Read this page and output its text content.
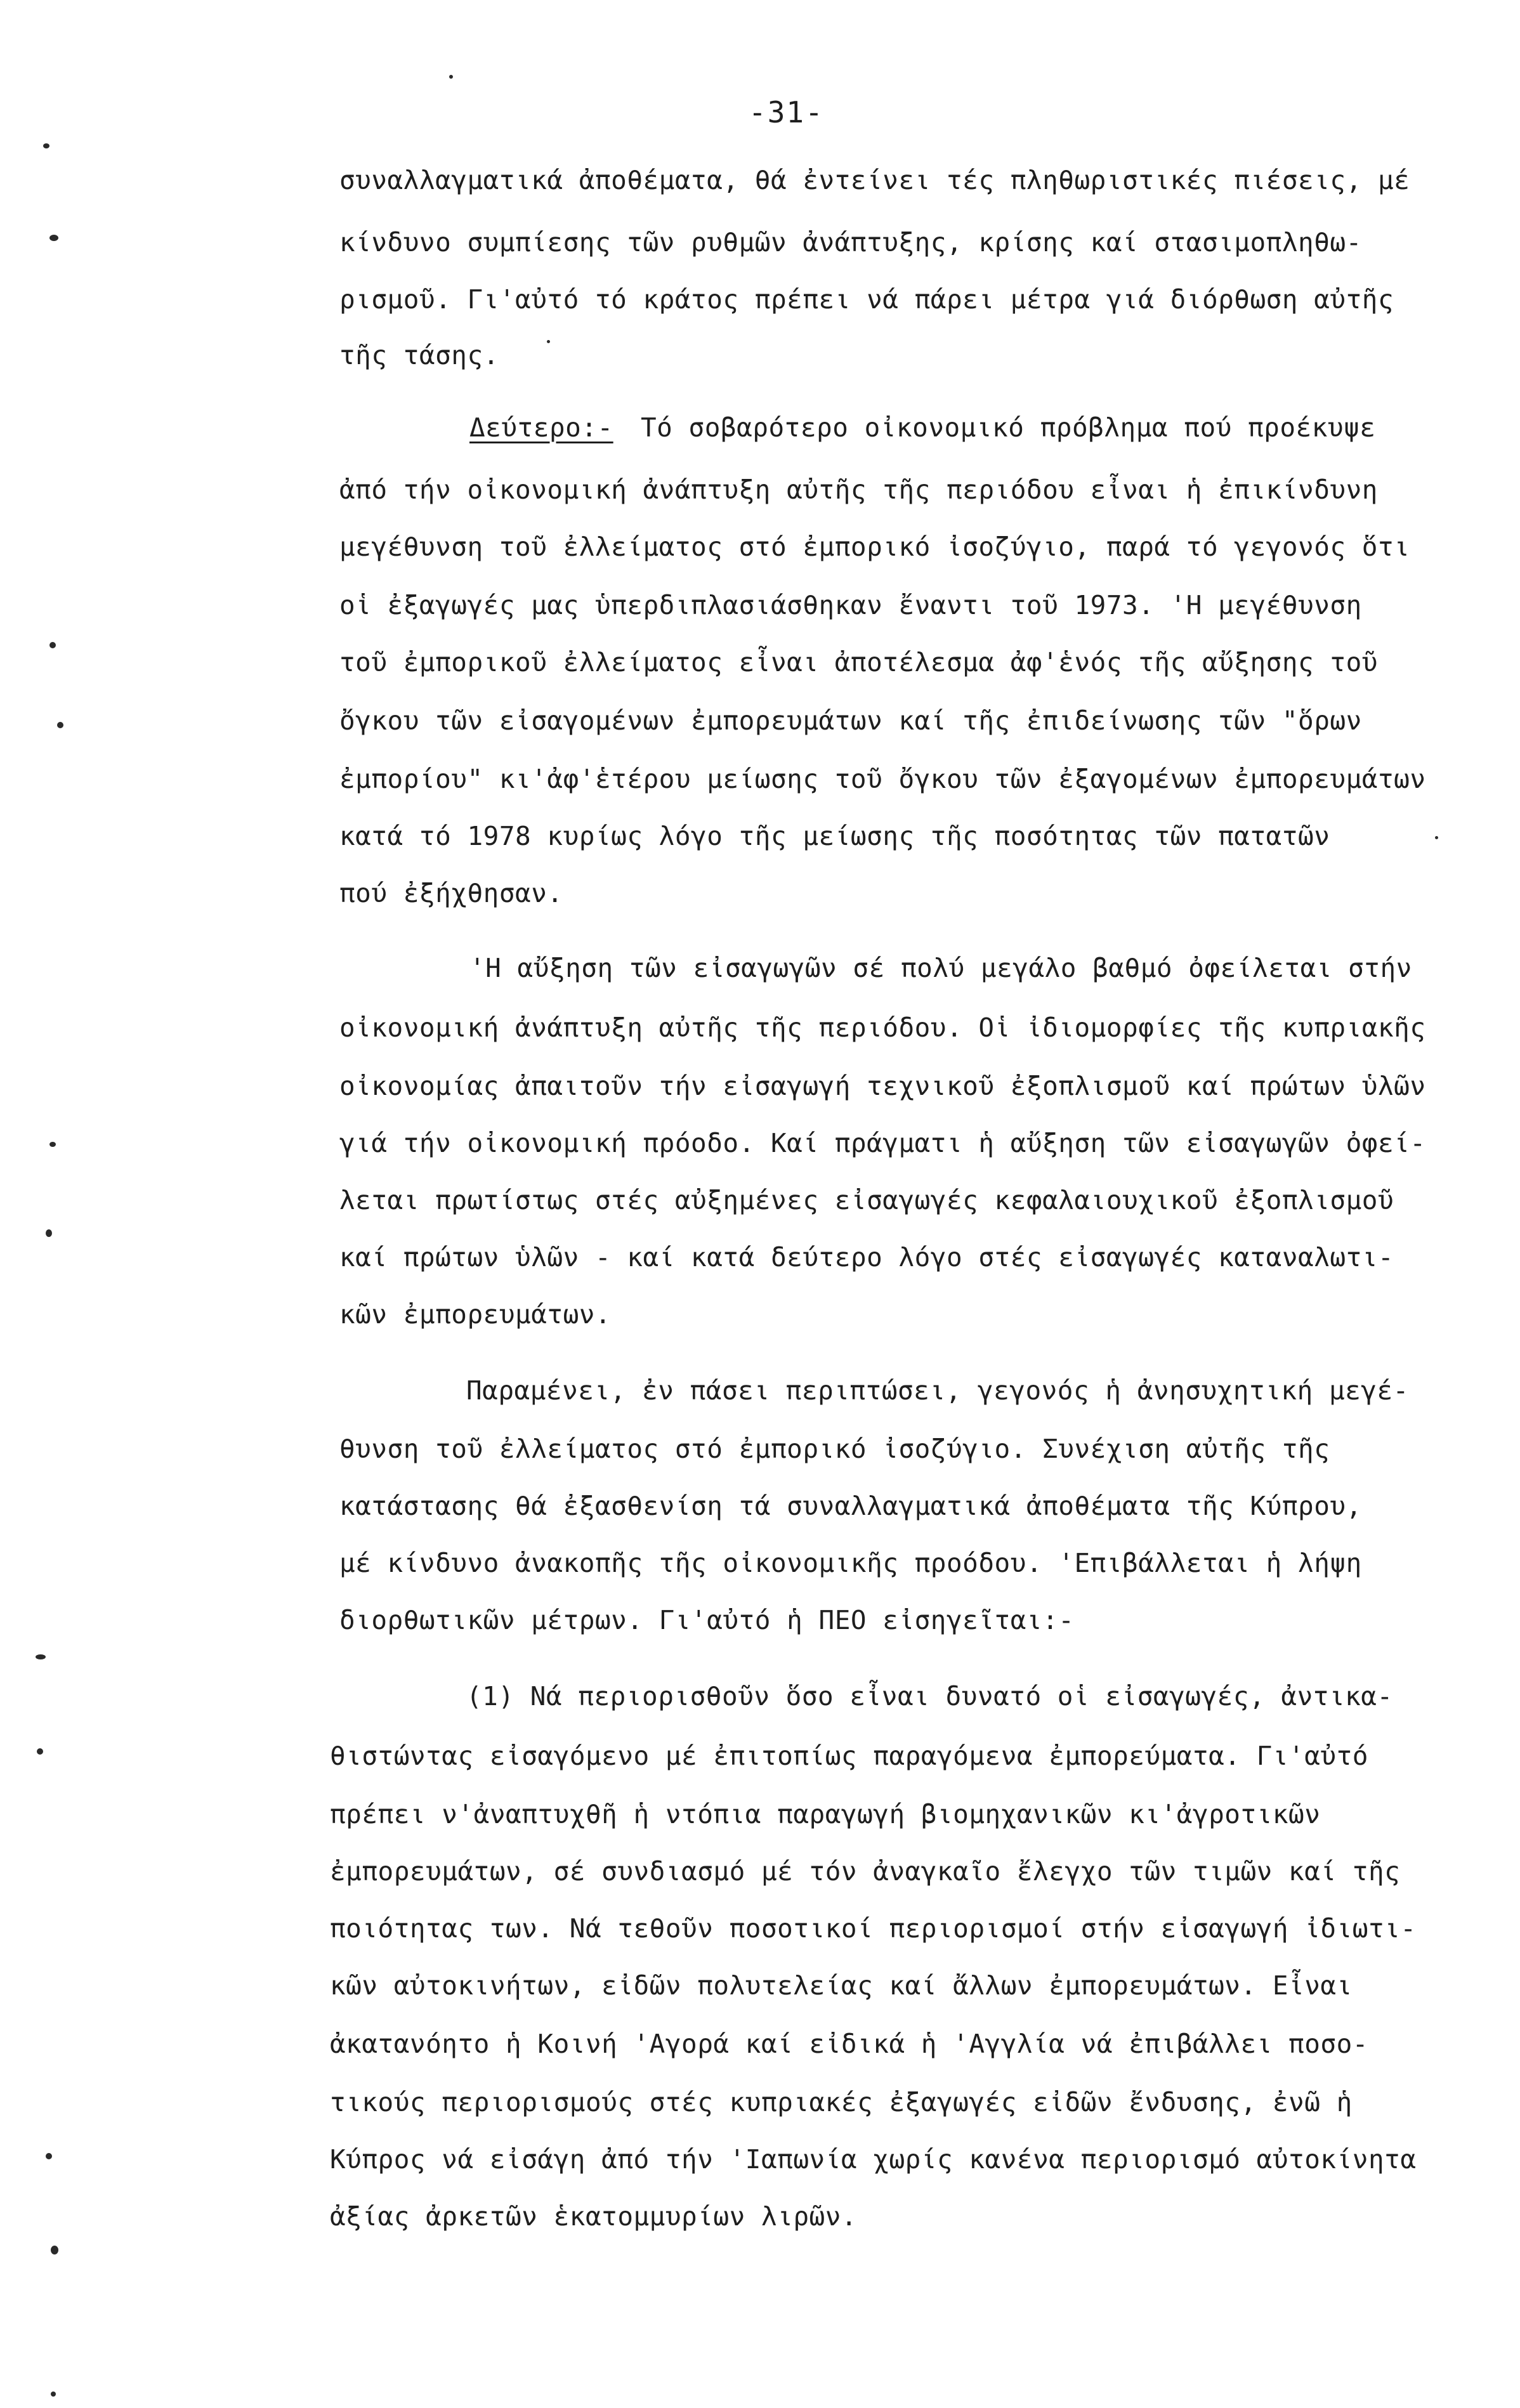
-31-
συναλλαγματικά ἀποθέματα, θά ἐντείνει τές πληθωριστικές πιέσεις, μέ
κίνδυνο συμπίεσης τῶν ρυθμῶν ἀνάπτυξης, κρίσης καί στασιμοπληθω-
ρισμοῦ. Γι'αὐτό τό κράτος πρέπει νά πάρει μέτρα γιά διόρθωση αὐτῆς
τῆς τάσης.
Δεύτερο:- Τό σοβαρότερο οἰκονομικό πρόβλημα πού προέκυψε
ἀπό τήν οἰκονομική ἀνάπτυξη αὐτῆς τῆς περιόδου εἶναι ἡ ἐπικίνδυνη
μεγέθυνση τοῦ ἐλλείματος στό ἐμπορικό ἰσοζύγιο, παρά τό γεγονός ὅτι
οἱ ἐξαγωγές μας ὑπερδιπλασιάσθηκαν ἔναντι τοῦ 1973. 'Η μεγέθυνση
τοῦ ἐμπορικοῦ ἐλλείματος εἶναι ἀποτέλεσμα ἀφ'ἑνός τῆς αὔξησης τοῦ
ὄγκου τῶν εἰσαγομένων ἐμπορευμάτων καί τῆς ἐπιδείνωσης τῶν "ὅρων
ἐμπορίου" κι'ἀφ'ἑτέρου μείωσης τοῦ ὄγκου τῶν ἐξαγομένων ἐμπορευμάτων
κατά τό 1978 κυρίως λόγο τῆς μείωσης τῆς ποσότητας τῶν πατατῶν
πού ἐξήχθησαν.
'Η αὔξηση τῶν εἰσαγωγῶν σέ πολύ μεγάλο βαθμό ὀφείλεται στήν
οἰκονομική ἀνάπτυξη αὐτῆς τῆς περιόδου. Οἱ ἰδιομορφίες τῆς κυπριακῆς
οἰκονομίας ἀπαιτοῦν τήν εἰσαγωγή τεχνικοῦ ἐξοπλισμοῦ καί πρώτων ὑλῶν
γιά τήν οἰκονομική πρόοδο. Καί πράγματι ἡ αὔξηση τῶν εἰσαγωγῶν ὀφεί-
λεται πρωτίστως στές αὐξημένες εἰσαγωγές κεφαλαιουχικοῦ ἐξοπλισμοῦ
καί πρώτων ὑλῶν - καί κατά δεύτερο λόγο στές εἰσαγωγές καταναλωτι-
κῶν ἐμπορευμάτων.
Παραμένει, ἐν πάσει περιπτώσει, γεγονός ἡ ἀνησυχητική μεγέ-
θυνση τοῦ ἐλλείματος στό ἐμπορικό ἰσοζύγιο. Συνέχιση αὐτῆς τῆς
κατάστασης θά ἐξασθενίση τά συναλλαγματικά ἀποθέματα τῆς Κύπρου,
μέ κίνδυνο ἀνακοπῆς τῆς οἰκονομικῆς προόδου. 'Επιβάλλεται ἡ λήψη
διορθωτικῶν μέτρων. Γι'αὐτό ἡ ΠΕΟ εἰσηγεῖται:-
(1) Νά περιορισθοῦν ὅσο εἶναι δυνατό οἱ εἰσαγωγές, ἀντικα-
θιστώντας εἰσαγόμενο μέ ἐπιτοπίως παραγόμενα ἐμπορεύματα. Γι'αὐτό
πρέπει ν'ἀναπτυχθῆ ἡ ντόπια παραγωγή βιομηχανικῶν κι'ἀγροτικῶν
ἐμπορευμάτων, σέ συνδιασμό μέ τόν ἀναγκαῖο ἔλεγχο τῶν τιμῶν καί τῆς
ποιότητας των. Νά τεθοῦν ποσοτικοί περιορισμοί στήν εἰσαγωγή ἰδιωτι-
κῶν αὐτοκινήτων, εἰδῶν πολυτελείας καί ἄλλων ἐμπορευμάτων. Εἶναι
ἀκατανόητο ἡ Κοινή 'Αγορά καί εἰδικά ἡ 'Αγγλία νά ἐπιβάλλει ποσο-
τικούς περιορισμούς στές κυπριακές ἐξαγωγές εἰδῶν ἔνδυσης, ἐνῶ ἡ
Κύπρος νά εἰσάγη ἀπό τήν 'Ιαπωνία χωρίς κανένα περιορισμό αὐτοκίνητα
ἀξίας ἀρκετῶν ἑκατομμυρίων λιρῶν.
